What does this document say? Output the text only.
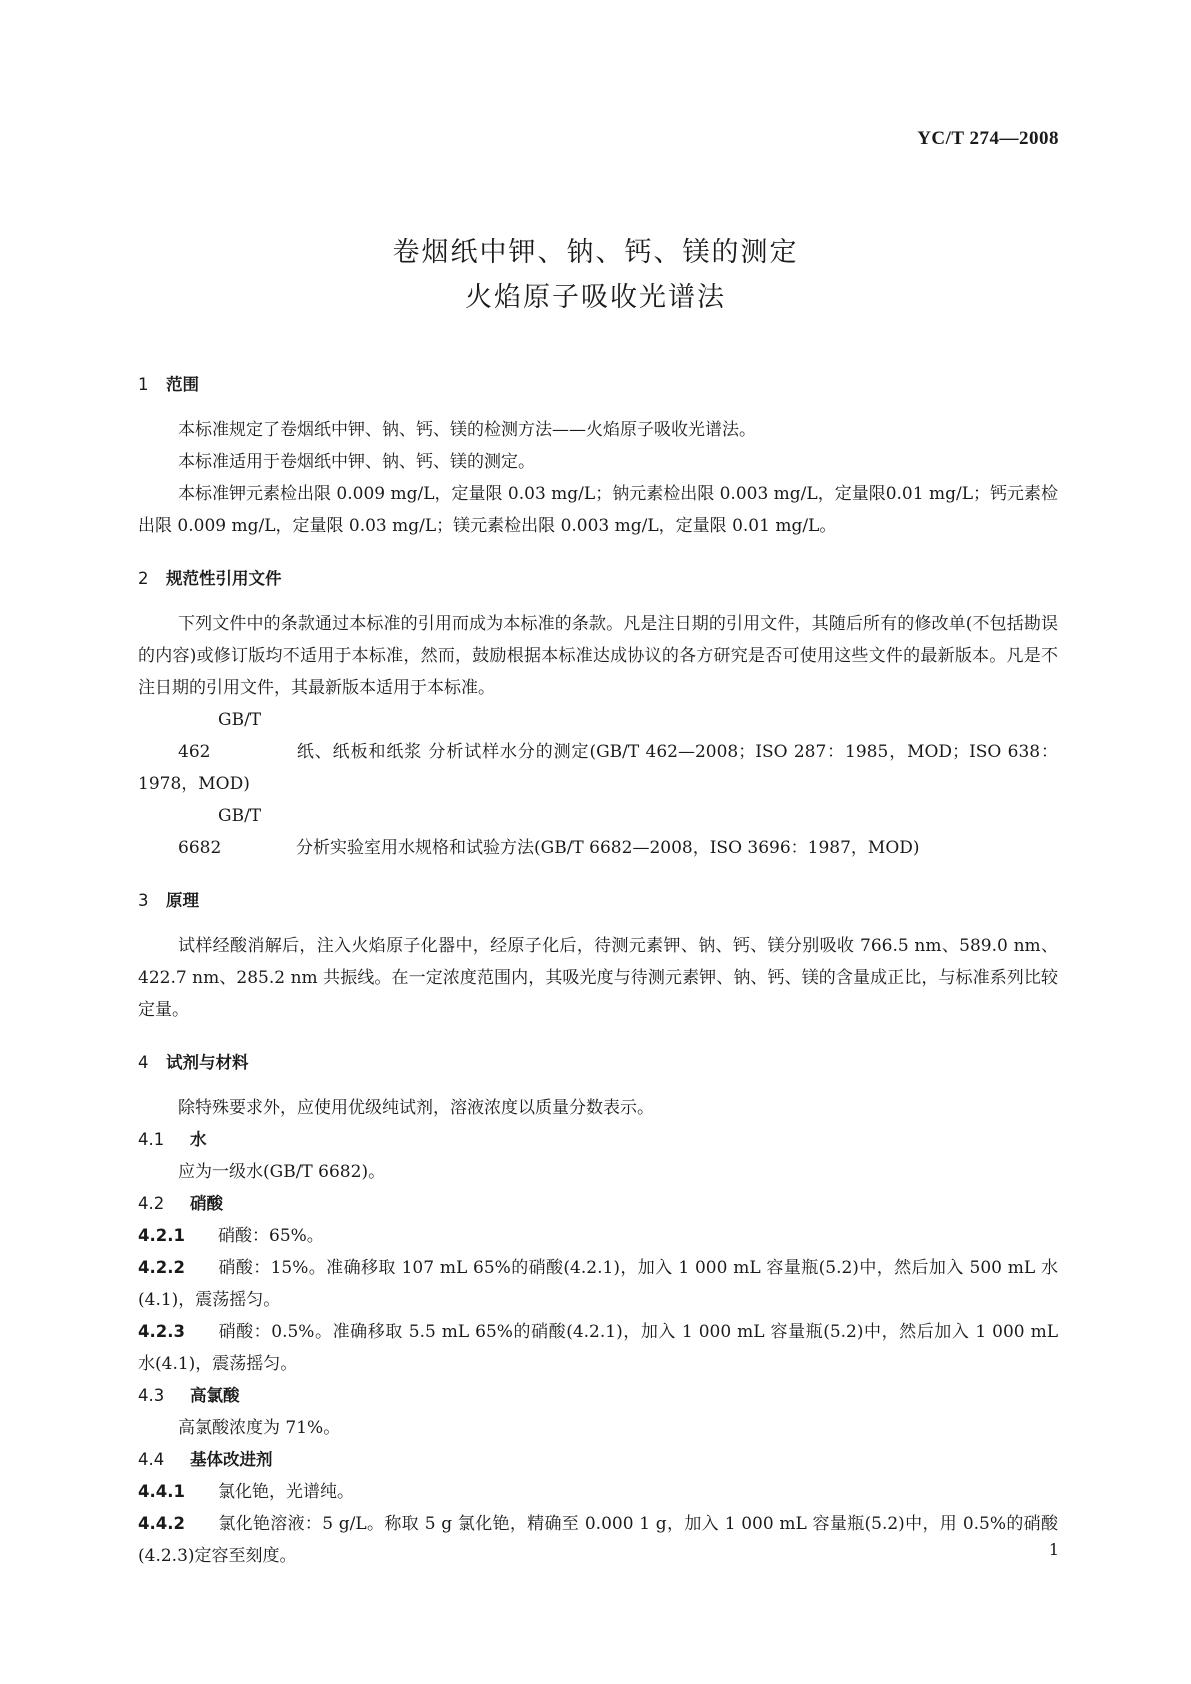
YC/T 274—2008
卷烟纸中钾、钠、钙、镁的测定
火焰原子吸收光谱法
1 范围
本标准规定了卷烟纸中钾、钠、钙、镁的检测方法——火焰原子吸收光谱法。
本标准适用于卷烟纸中钾、钠、钙、镁的测定。
本标准钾元素检出限 0.009 mg/L，定量限 0.03 mg/L；钠元素检出限 0.003 mg/L，定量限0.01 mg/L；钙元素检出限 0.009 mg/L，定量限 0.03 mg/L；镁元素检出限 0.003 mg/L，定量限 0.01 mg/L。
2 规范性引用文件
下列文件中的条款通过本标准的引用而成为本标准的条款。凡是注日期的引用文件，其随后所有的修改单(不包括勘误的内容)或修订版均不适用于本标准，然而，鼓励根据本标准达成协议的各方研究是否可使用这些文件的最新版本。凡是不注日期的引用文件，其最新版本适用于本标准。
GB/T 462	纸、纸板和纸浆 分析试样水分的测定(GB/T 462—2008；ISO 287：1985，MOD；ISO 638：1978，MOD)
GB/T 6682	分析实验室用水规格和试验方法(GB/T 6682—2008，ISO 3696：1987，MOD)
3 原理
试样经酸消解后，注入火焰原子化器中，经原子化后，待测元素钾、钠、钙、镁分别吸收 766.5 nm、589.0 nm、422.7 nm、285.2 nm 共振线。在一定浓度范围内，其吸光度与待测元素钾、钠、钙、镁的含量成正比，与标准系列比较定量。
4 试剂与材料
除特殊要求外，应使用优级纯试剂，溶液浓度以质量分数表示。
4.1 水
应为一级水(GB/T 6682)。
4.2 硝酸
4.2.1 硝酸：65%。
4.2.2 硝酸：15%。准确移取 107 mL 65%的硝酸(4.2.1)，加入 1 000 mL 容量瓶(5.2)中，然后加入 500 mL 水(4.1)，震荡摇匀。
4.2.3 硝酸：0.5%。准确移取 5.5 mL 65%的硝酸(4.2.1)，加入 1 000 mL 容量瓶(5.2)中，然后加入 1 000 mL 水(4.1)，震荡摇匀。
4.3 高氯酸
高氯酸浓度为 71%。
4.4 基体改进剂
4.4.1 氯化铯，光谱纯。
4.4.2 氯化铯溶液：5 g/L。称取 5 g 氯化铯，精确至 0.000 1 g，加入 1 000 mL 容量瓶(5.2)中，用 0.5%的硝酸(4.2.3)定容至刻度。	1
